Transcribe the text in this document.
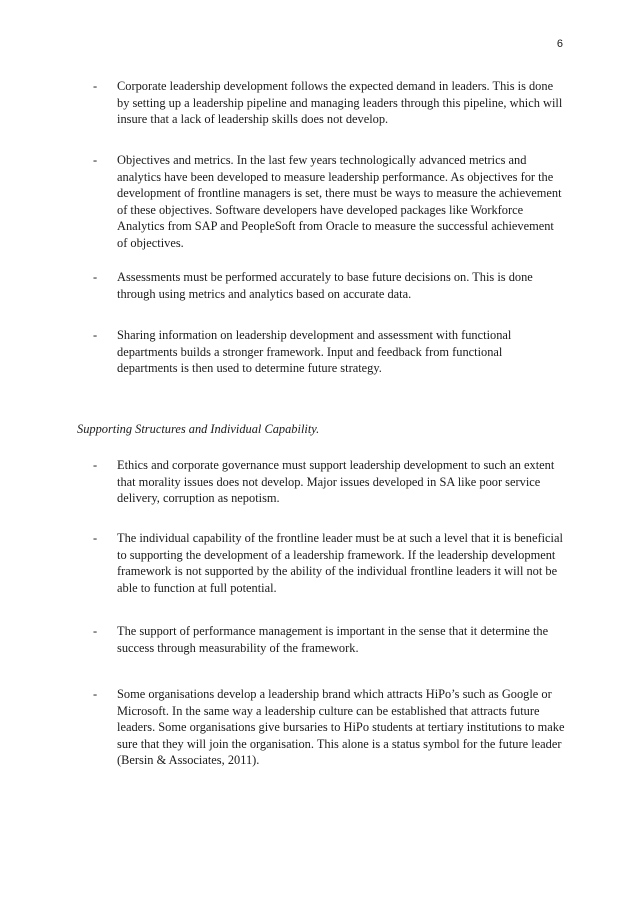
6
- Corporate leadership development follows the expected demand in leaders. This is done by setting up a leadership pipeline and managing leaders through this pipeline, which will insure that a lack of leadership skills does not develop.
- Objectives and metrics. In the last few years technologically advanced metrics and analytics have been developed to measure leadership performance. As objectives for the development of frontline managers is set, there must be ways to measure the achievement of these objectives. Software developers have developed packages like Workforce Analytics from SAP and PeopleSoft from Oracle to measure the successful achievement of objectives.
- Assessments must be performed accurately to base future decisions on. This is done through using metrics and analytics based on accurate data.
- Sharing information on leadership development and assessment with functional departments builds a stronger framework. Input and feedback from functional departments is then used to determine future strategy.
Supporting Structures and Individual Capability.
- Ethics and corporate governance must support leadership development to such an extent that morality issues does not develop. Major issues developed in SA like poor service delivery, corruption as nepotism.
- The individual capability of the frontline leader must be at such a level that it is beneficial to supporting the development of a leadership framework. If the leadership development framework is not supported by the ability of the individual frontline leaders it will not be able to function at full potential.
- The support of performance management is important in the sense that it determine the success through measurability of the framework.
- Some organisations develop a leadership brand which attracts HiPo’s such as Google or Microsoft. In the same way a leadership culture can be established that attracts future leaders. Some organisations give bursaries to HiPo students at tertiary institutions to make sure that they will join the organisation. This alone is a status symbol for the future leader (Bersin & Associates, 2011).
